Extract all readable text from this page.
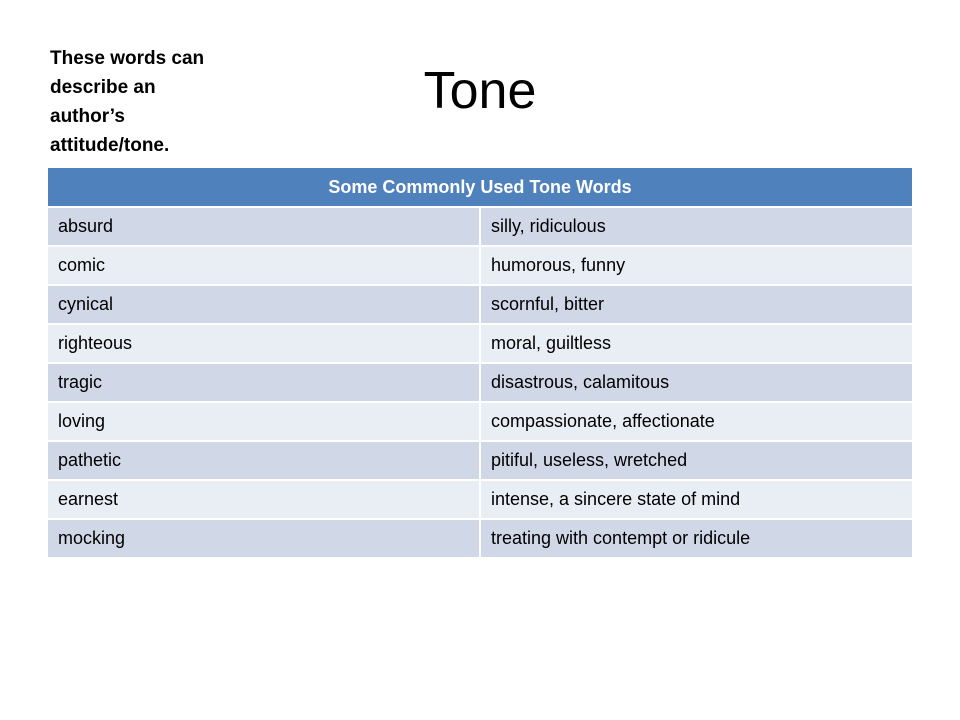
These words can describe an author’s attitude/tone.

Tone
Some Commonly Used Tone Words	
absurd	silly, ridiculous
comic	humorous, funny
cynical	scornful, bitter
righteous	moral, guiltless
tragic	disastrous, calamitous
loving	compassionate, affectionate
pathetic	pitiful, useless, wretched
earnest	intense, a sincere state of mind
mocking	treating with contempt or ridicule
